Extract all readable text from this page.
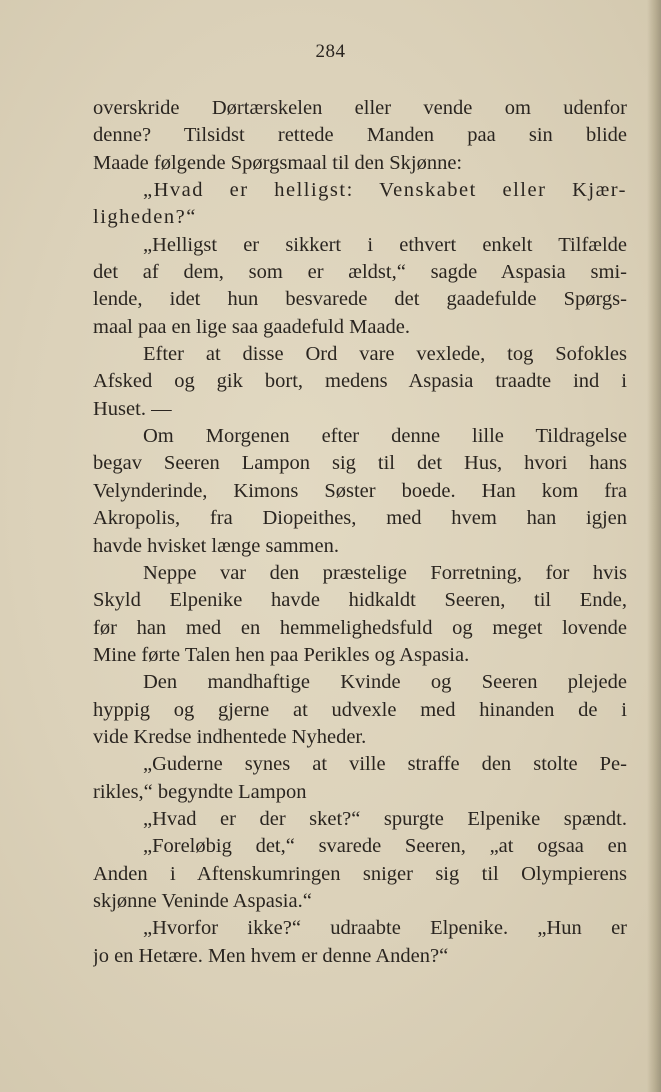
284
overskride Dørtærskelen eller vende om udenfor
denne? Tilsidst rettede Manden paa sin blide
Maade følgende Spørgsmaal til den Skjønne:
„Hvad er helligst: Venskabet eller Kjær-
ligheden?“
„Helligst er sikkert i ethvert enkelt Tilfælde
det af dem, som er ældst,“ sagde Aspasia smi-
lende, idet hun besvarede det gaadefulde Spørgs-
maal paa en lige saa gaadefuld Maade.
Efter at disse Ord vare vexlede, tog Sofokles
Afsked og gik bort, medens Aspasia traadte ind i
Huset. —
Om Morgenen efter denne lille Tildragelse
begav Seeren Lampon sig til det Hus, hvori hans
Velynderinde, Kimons Søster boede. Han kom fra
Akropolis, fra Diopeithes, med hvem han igjen
havde hvisket længe sammen.
Neppe var den præstelige Forretning, for hvis
Skyld Elpenike havde hidkaldt Seeren, til Ende,
før han med en hemmelighedsfuld og meget lovende
Mine førte Talen hen paa Perikles og Aspasia.
Den mandhaftige Kvinde og Seeren plejede
hyppig og gjerne at udvexle med hinanden de i
vide Kredse indhentede Nyheder.
„Guderne synes at ville straffe den stolte Pe-
rikles,“ begyndte Lampon
„Hvad er der sket?“ spurgte Elpenike spændt.
„Foreløbig det,“ svarede Seeren, „at ogsaa en
Anden i Aftenskumringen sniger sig til Olympierens
skjønne Veninde Aspasia.“
„Hvorfor ikke?“ udraabte Elpenike. „Hun er
jo en Hetære. Men hvem er denne Anden?“
